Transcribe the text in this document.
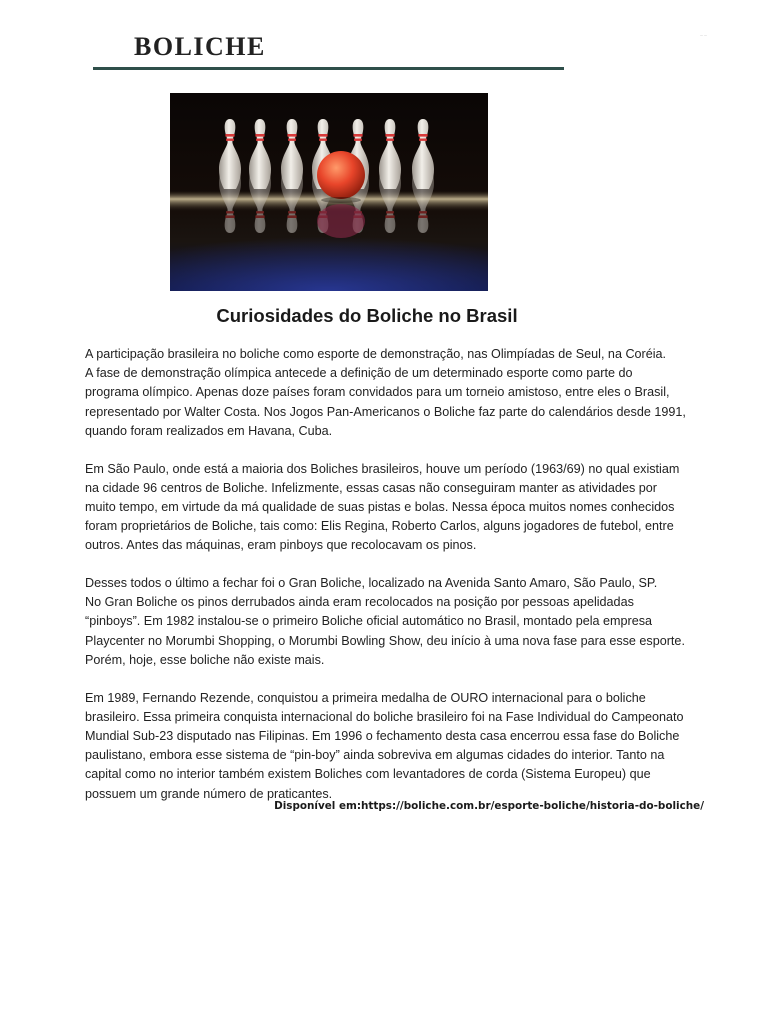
— —
BOLICHE
Curiosidades do Boliche no Brasil

A participação brasileira no boliche como esporte de demonstração, nas Olimpíadas de Seul, na Coréia.
A fase de demonstração olímpica antecede a definição de um determinado esporte como parte do
programa olímpico. Apenas doze países foram convidados para um torneio amistoso, entre eles o Brasil,
representado por Walter Costa. Nos Jogos Pan-Americanos o Boliche faz parte do calendários desde 1991,
quando foram realizados em Havana, Cuba.

Em São Paulo, onde está a maioria dos Boliches brasileiros, houve um período (1963/69) no qual existiam
na cidade 96 centros de Boliche. Infelizmente, essas casas não conseguiram manter as atividades por
muito tempo, em virtude da má qualidade de suas pistas e bolas. Nessa época muitos nomes conhecidos
foram proprietários de Boliche, tais como: Elis Regina, Roberto Carlos, alguns jogadores de futebol, entre
outros. Antes das máquinas, eram pinboys que recolocavam os pinos.

Desses todos o último a fechar foi o Gran Boliche, localizado na Avenida Santo Amaro, São Paulo, SP.
No Gran Boliche os pinos derrubados ainda eram recolocados na posição por pessoas apelidadas
“pinboys”. Em 1982 instalou-se o primeiro Boliche oficial automático no Brasil, montado pela empresa
Playcenter no Morumbi Shopping, o Morumbi Bowling Show, deu início à uma nova fase para esse esporte.
Porém, hoje, esse boliche não existe mais.

Em 1989, Fernando Rezende, conquistou a primeira medalha de OURO internacional para o boliche
brasileiro. Essa primeira conquista internacional do boliche brasileiro foi na Fase Individual do Campeonato
Mundial Sub-23 disputado nas Filipinas. Em 1996 o fechamento desta casa encerrou essa fase do Boliche
paulistano, embora esse sistema de “pin-boy” ainda sobreviva em algumas cidades do interior. Tanto na
capital como no interior também existem Boliches com levantadores de corda (Sistema Europeu) que
possuem um grande número de praticantes.

Disponível em:https://boliche.com.br/esporte-boliche/historia-do-boliche/
